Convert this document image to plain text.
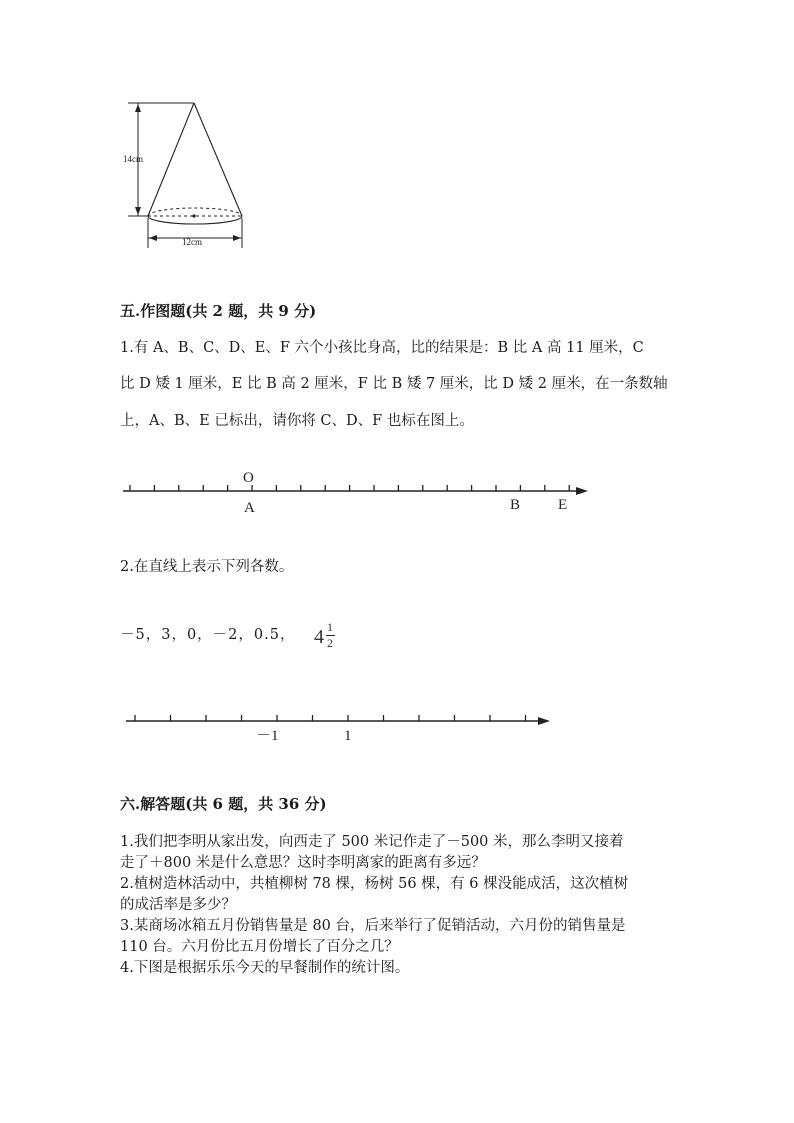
14cm
12cm
五.作图题(共 2 题，共 9 分)
1.有 A、B、C、D、E、F 六个小孩比身高，比的结果是：B 比 A 高 11 厘米，C
比 D 矮 1 厘米，E 比 B 高 2 厘米，F 比 B 矮 7 厘米，比 D 矮 2 厘米，在一条数轴
上，A、B、E 已标出，请你将 C、D、F 也标在图上。
O
A	B	E
2.在直线上表示下列各数。
－5，3，0，－2，0.5， 4 1
2
－1	1
六.解答题(共 6 题，共 36 分)
1.我们把李明从家出发，向西走了 500 米记作走了－500 米，那么李明又接着
走了＋800 米是什么意思？这时李明离家的距离有多远？
2.植树造林活动中，共植柳树 78 棵，杨树 56 棵，有 6 棵没能成活，这次植树
的成活率是多少？
3.某商场冰箱五月份销售量是 80 台，后来举行了促销活动，六月份的销售量是
110 台。六月份比五月份增长了百分之几？
4.下图是根据乐乐今天的早餐制作的统计图。
